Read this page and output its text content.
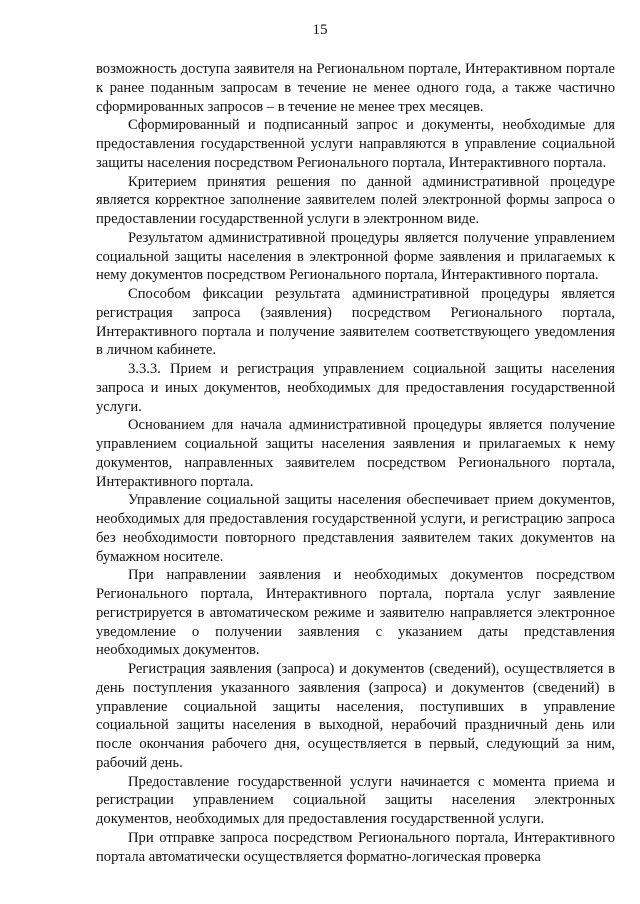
15

возможность доступа заявителя на Региональном портале, Интерактивном портале к ранее поданным запросам в течение не менее одного года, а также частично сформированных запросов – в течение не менее трех месяцев.

Сформированный и подписанный запрос и документы, необходимые для предоставления государственной услуги направляются в управление социальной защиты населения посредством Регионального портала, Интерактивного портала.

Критерием принятия решения по данной административной процедуре является корректное заполнение заявителем полей электронной формы запроса о предоставлении государственной услуги в электронном виде.

Результатом административной процедуры является получение управлением социальной защиты населения в электронной форме заявления и прилагаемых к нему документов посредством Регионального портала, Интерактивного портала.

Способом фиксации результата административной процедуры является регистрация запроса (заявления) посредством Регионального портала, Интерактивного портала и получение заявителем соответствующего уведомления в личном кабинете.

3.3.3. Прием и регистрация управлением социальной защиты населения запроса и иных документов, необходимых для предоставления государственной услуги.

Основанием для начала административной процедуры является получение управлением социальной защиты населения заявления и прилагаемых к нему документов, направленных заявителем посредством Регионального портала, Интерактивного портала.

Управление социальной защиты населения обеспечивает прием документов, необходимых для предоставления государственной услуги, и регистрацию запроса без необходимости повторного представления заявителем таких документов на бумажном носителе.

При направлении заявления и необходимых документов посредством Регионального портала, Интерактивного портала, портала услуг заявление регистрируется в автоматическом режиме и заявителю направляется электронное уведомление о получении заявления с указанием даты представления необходимых документов.

Регистрация заявления (запроса) и документов (сведений), осуществляется в день поступления указанного заявления (запроса) и документов (сведений) в управление социальной защиты населения, поступивших в управление социальной защиты населения в выходной, нерабочий праздничный день или после окончания рабочего дня, осуществляется в первый, следующий за ним, рабочий день.

Предоставление государственной услуги начинается с момента приема и регистрации управлением социальной защиты населения электронных документов, необходимых для предоставления государственной услуги.

При отправке запроса посредством Регионального портала, Интерактивного портала автоматически осуществляется форматно-логическая проверка
